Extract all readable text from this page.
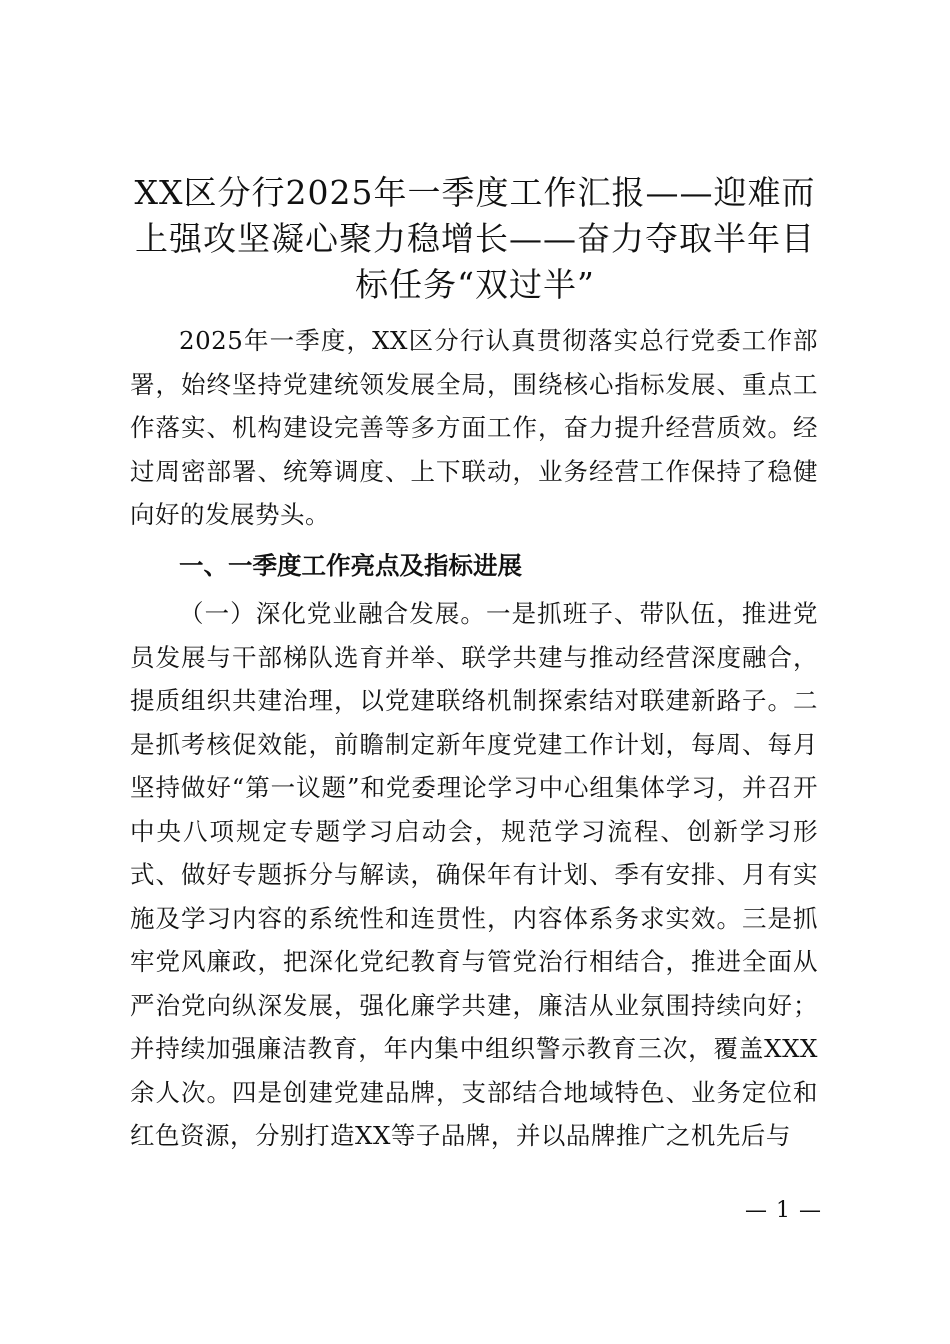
XX区分行2025年一季度工作汇报——迎难而上强攻坚凝心聚力稳增长——奋力夺取半年目标任务“双过半”

2025年一季度，XX区分行认真贯彻落实总行党委工作部署，始终坚持党建统领发展全局，围绕核心指标发展、重点工作落实、机构建设完善等多方面工作，奋力提升经营质效。经过周密部署、统筹调度、上下联动，业务经营工作保持了稳健向好的发展势头。

一、一季度工作亮点及指标进展

（一）深化党业融合发展。一是抓班子、带队伍，推进党员发展与干部梯队选育并举、联学共建与推动经营深度融合，提质组织共建治理，以党建联络机制探索结对联建新路子。二是抓考核促效能，前瞻制定新年度党建工作计划，每周、每月坚持做好“第一议题”和党委理论学习中心组集体学习，并召开中央八项规定专题学习启动会，规范学习流程、创新学习形式、做好专题拆分与解读，确保年有计划、季有安排、月有实施及学习内容的系统性和连贯性，内容体系务求实效。三是抓牢党风廉政，把深化党纪教育与管党治行相结合，推进全面从严治党向纵深发展，强化廉学共建，廉洁从业氛围持续向好；并持续加强廉洁教育，年内集中组织警示教育三次，覆盖XXX余人次。四是创建党建品牌，支部结合地域特色、业务定位和红色资源，分别打造XX等子品牌，并以品牌推广之机先后与

— 1 —
